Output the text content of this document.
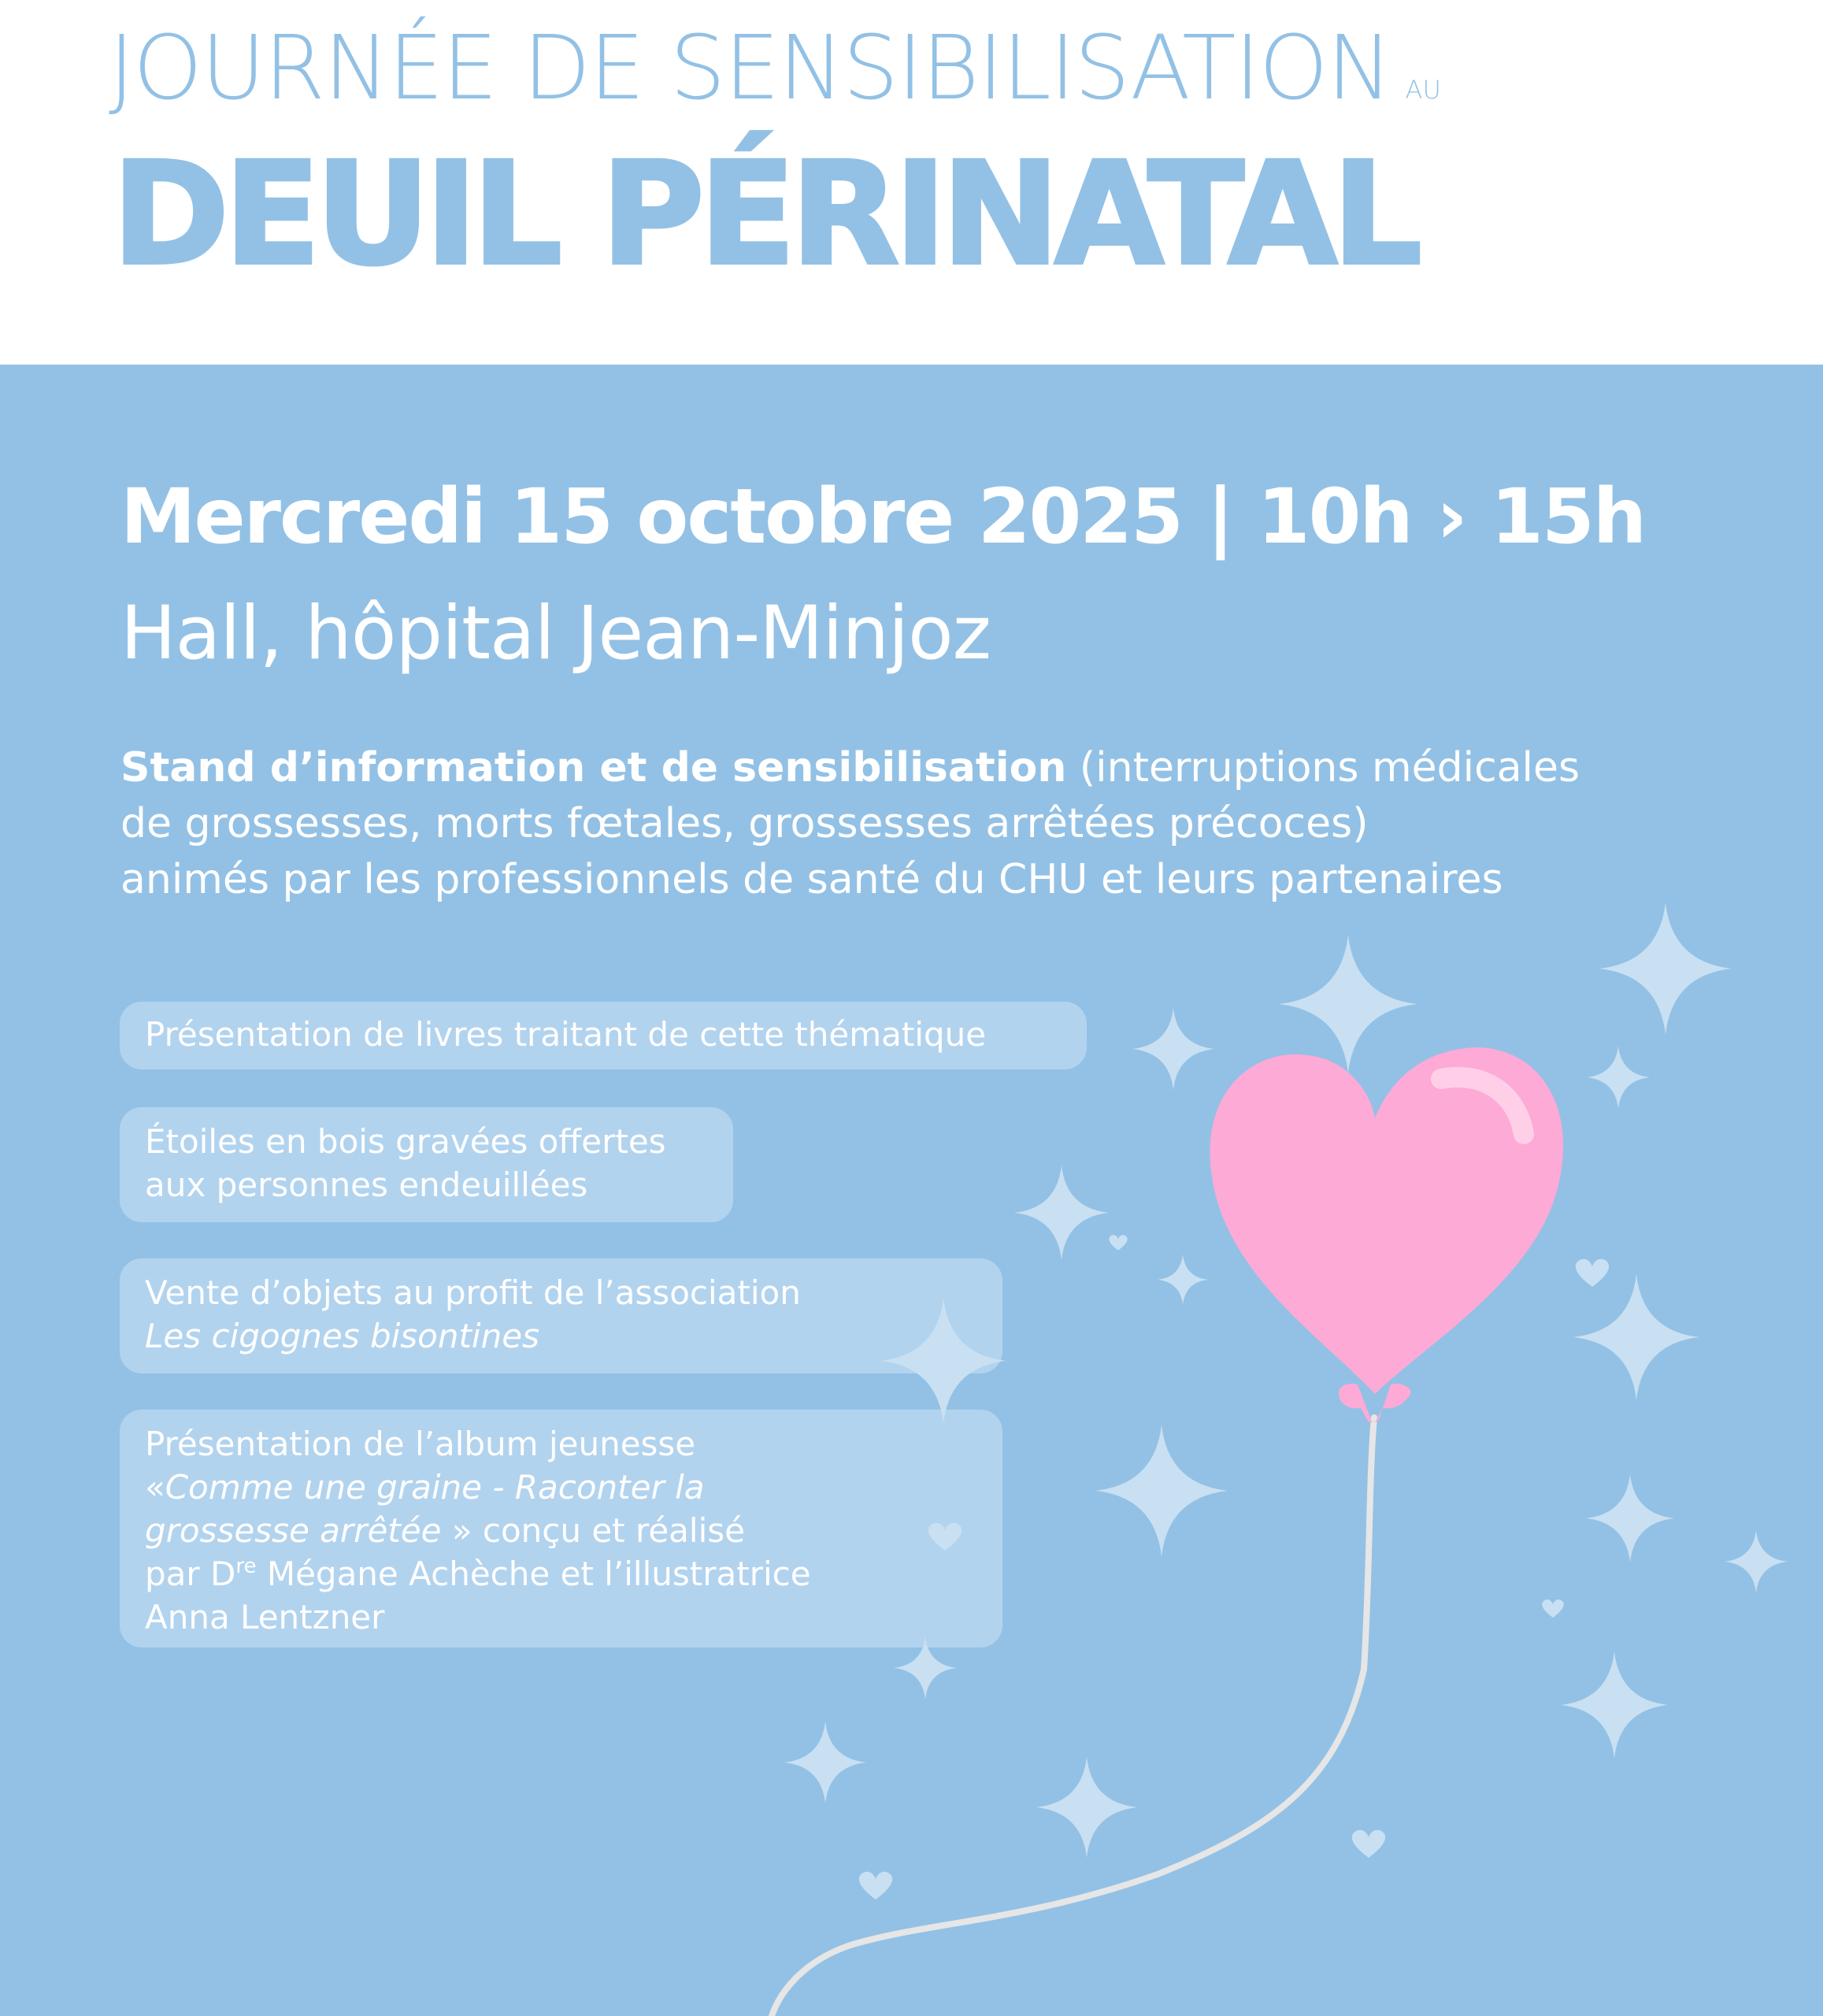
JOURNÉE DE SENSIBILISATION AU
DEUIL PÉRINATAL
Mercredi 15 octobre 2025 | 10h › 15h
Hall, hôpital Jean-Minjoz
Stand d’information et de sensibilisation (interruptions médicales
de grossesses, morts fœtales, grossesses arrêtées précoces)
animés par les professionnels de santé du CHU et leurs partenaires
Présentation de livres traitant de cette thématique
Étoiles en bois gravées offertes
aux personnes endeuillées
Vente d’objets au profit de l’association
Les cigognes bisontines
Présentation de l’album jeunesse
«Comme une graine - Raconter la
grossesse arrêtée » conçu et réalisé
par Dre Mégane Achèche et l’illustratrice
Anna Lentzner
